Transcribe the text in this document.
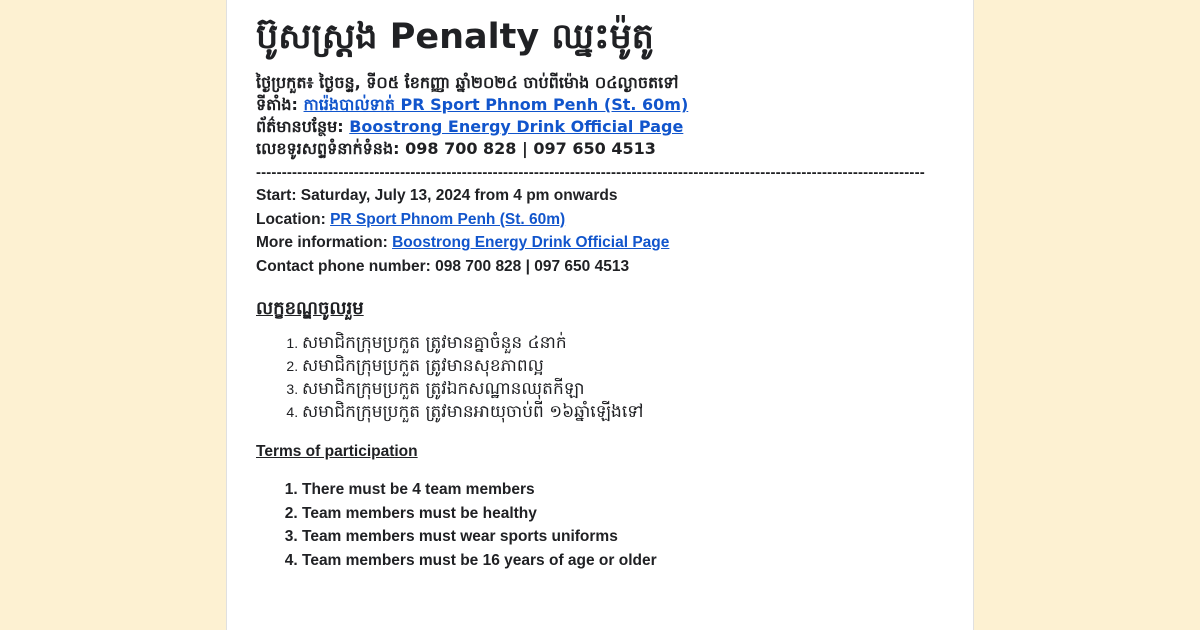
ប៊ូសស្រ្តង Penalty ឈ្នះម៉ូតូ
ថ្ងៃប្រកួត៖ ថ្ងៃចន្ទ, ទី០៥ ខែកញ្ញា ឆ្នាំ២០២៤ ចាប់ពីម៉ោង ០៤ល្ងាចតទៅ
ទីតាំង: ការ៉េងបាល់ទាត់ PR Sport Phnom Penh (St. 60m)
ព័ត៌មានបន្ថែម: Boostrong Energy Drink Official Page
លេខទូរសព្ទទំនាក់ទំនង: 098 700 828 | 097 650 4513
----------------------------------------------------------------------------------------------------------------------------------
Start: Saturday, July 13, 2024 from 4 pm onwards
Location: PR Sport Phnom Penh (St. 60m)
More information: Boostrong Energy Drink Official Page
Contact phone number: 098 700 828 | 097 650 4513
លក្ខខណ្ឌចូលរួម
1. សមាជិកក្រុមប្រកួត ត្រូវមានគ្នាចំនួន ៤នាក់
2. សមាជិកក្រុមប្រកួត ត្រូវមានសុខភាពល្អ
3. សមាជិកក្រុមប្រកួត ត្រូវឯកសណ្ឋានឈុតកីឡា
4. សមាជិកក្រុមប្រកួត ត្រូវមានអាយុចាប់ពី ១៦ឆ្នាំឡើងទៅ
Terms of participation
1. There must be 4 team members
2. Team members must be healthy
3. Team members must wear sports uniforms
4. Team members must be 16 years of age or older
